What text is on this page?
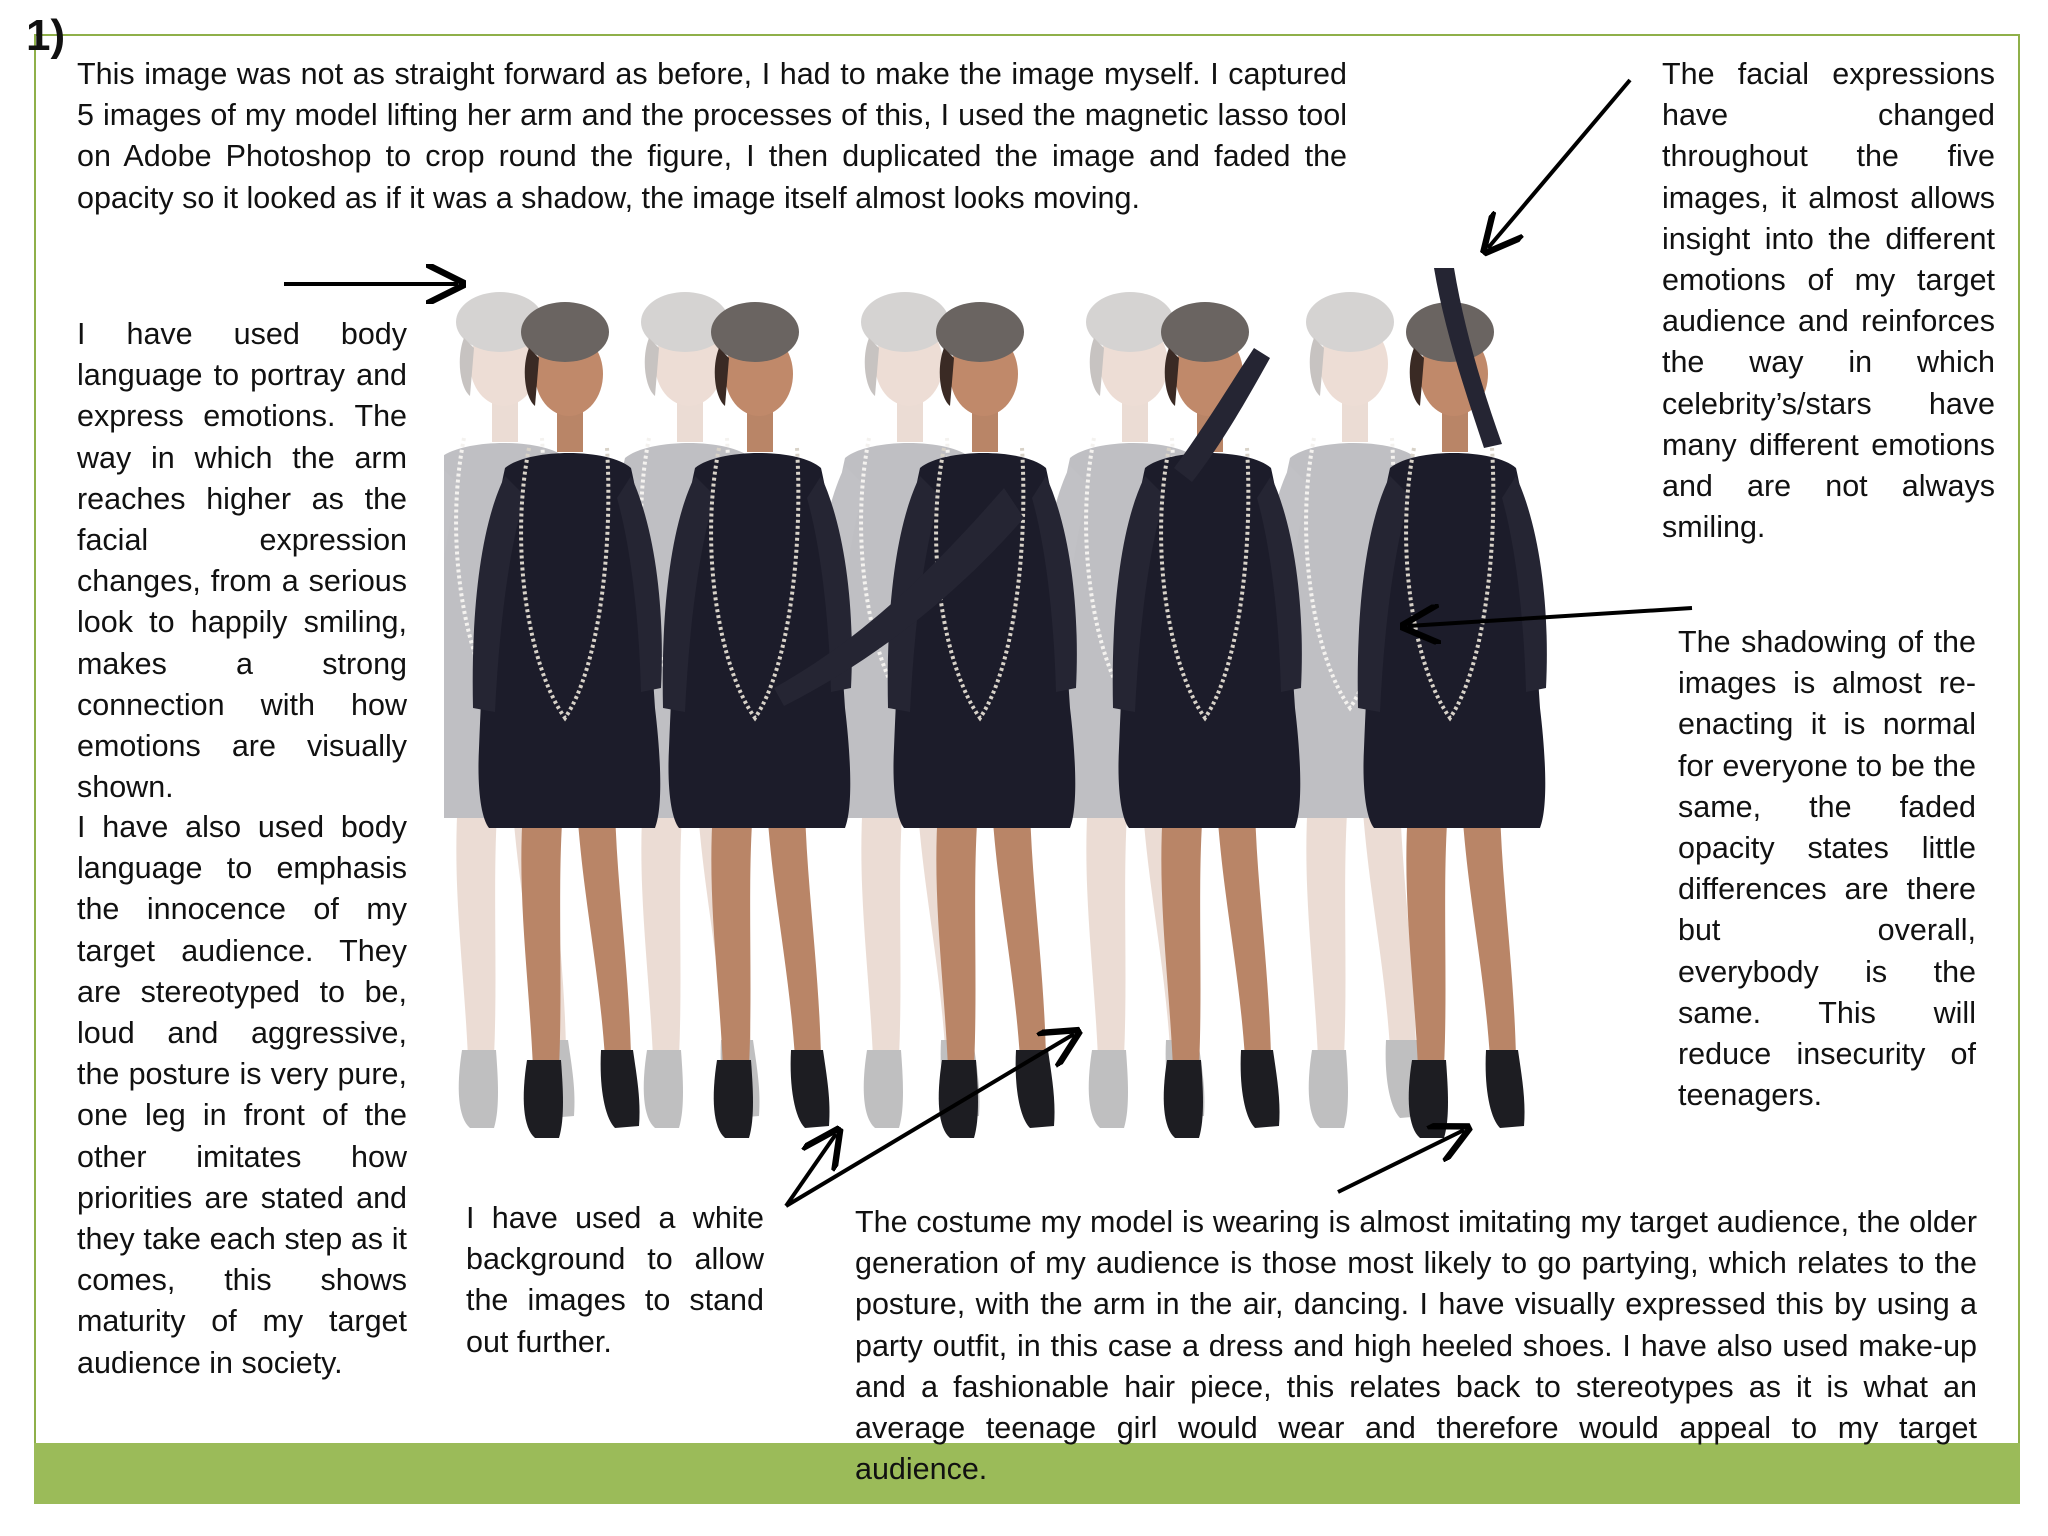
1)

This image was not as straight forward as before, I had to make the image myself. I captured 5 images of my model lifting her arm and the processes of this, I used the magnetic lasso tool on Adobe Photoshop to crop round the figure, I then duplicated the image and faded the opacity so it looked as if it was a shadow, the image itself almost looks moving.

I have used body language to portray and express emotions. The way in which the arm reaches higher as the facial expression changes, from a serious look to happily smiling, makes a strong connection with how emotions are visually shown.

I have also used body language to emphasis the innocence of my target audience. They are stereotyped to be, loud and aggressive, the posture is very pure, one leg in front of the other imitates how priorities are stated and they take each step as it comes, this shows maturity of my target audience in society.

The facial expressions have changed throughout the five images, it almost allows insight into the different emotions of my target audience and reinforces the way in which celebrity’s/stars have many different emotions and are not always smiling.

The shadowing of the images is almost re-enacting it is normal for everyone to be the same, the faded opacity states little differences are there but overall, everybody is the same. This will reduce insecurity of teenagers.

I have used a white background to allow the images to stand out further.

The costume my model is wearing is almost imitating my target audience, the older generation of my audience is those most likely to go partying, which relates to the posture, with the arm in the air, dancing. I have visually expressed this by using a party outfit, in this case a dress and high heeled shoes. I have also used make-up and a fashionable hair piece, this relates back to stereotypes as it is what an average teenage girl would wear and therefore would appeal to my target audience.
